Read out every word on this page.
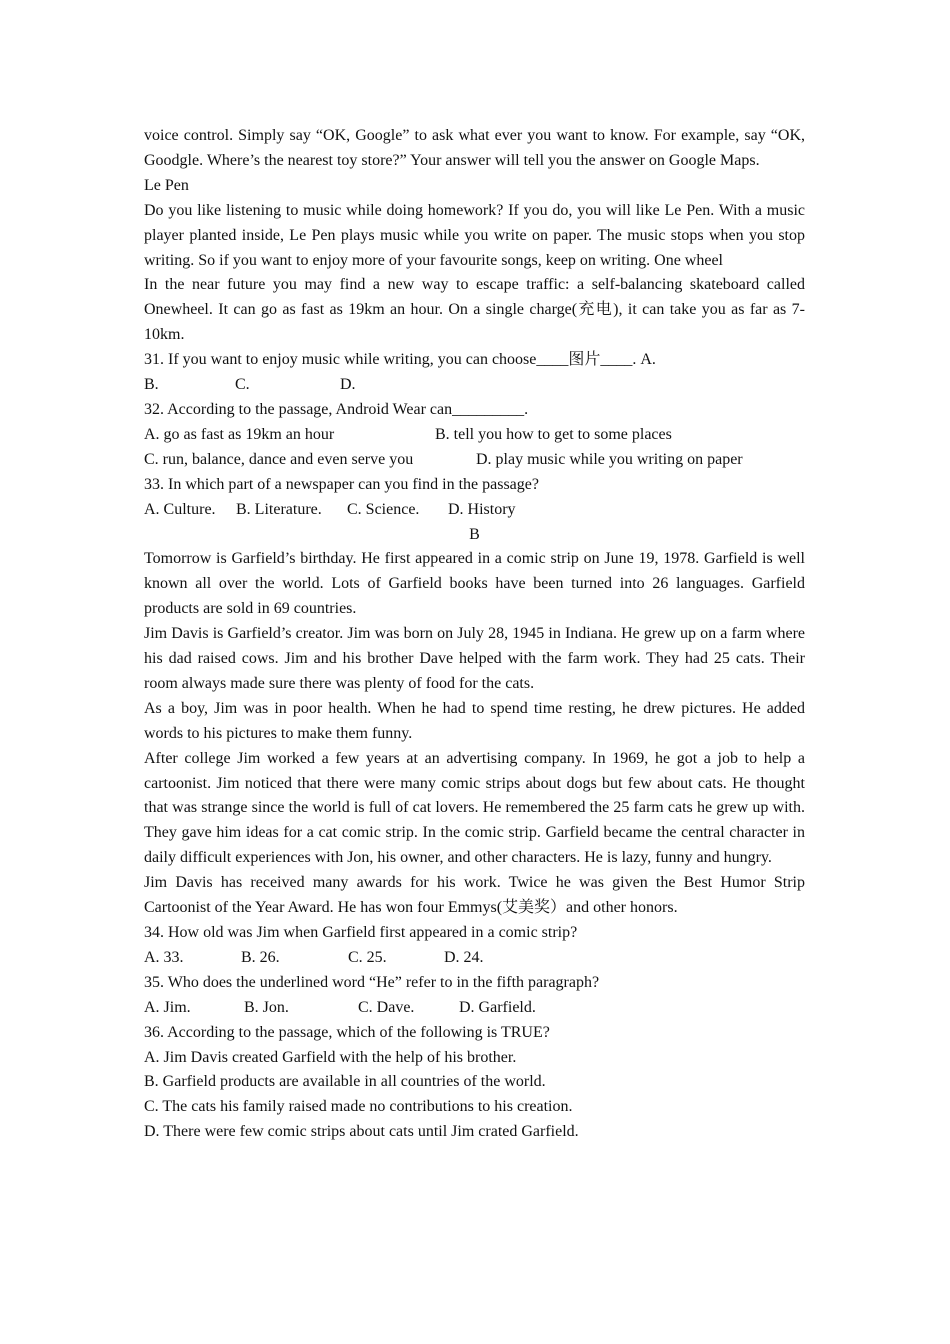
voice control. Simply say “OK, Google” to ask what ever you want to know. For example, say “OK, Goodgle. Where’s the nearest toy store?” Your answer will tell you the answer on Google Maps.
Le Pen
Do you like listening to music while doing homework? If you do, you will like Le Pen. With a music player planted inside, Le Pen plays music while you write on paper. The music stops when you stop writing. So if you want to enjoy more of your favourite songs, keep on writing. One wheel
In the near future you may find a new way to escape traffic: a self-balancing skateboard called Onewheel. It can go as fast as 19km an hour. On a single charge(充电), it can take you as far as 7-10km.
31. If you want to enjoy music while writing, you can choose____图片____. A.
B.	C.	D.
32. According to the passage, Android Wear can_________.
A. go as fast as 19km an hour	B. tell you how to get to some places
C. run, balance, dance and even serve you	D. play music while you writing on paper
33. In which part of a newspaper can you find in the passage?
A. Culture.	B. Literature.	C. Science.	D. History
B
Tomorrow is Garfield’s birthday. He first appeared in a comic strip on June 19, 1978. Garfield is well known all over the world. Lots of Garfield books have been turned into 26 languages. Garfield products are sold in 69 countries.
Jim Davis is Garfield’s creator. Jim was born on July 28, 1945 in Indiana. He grew up on a farm where his dad raised cows. Jim and his brother Dave helped with the farm work. They had 25 cats. Their room always made sure there was plenty of food for the cats.
As a boy, Jim was in poor health. When he had to spend time resting, he drew pictures. He added words to his pictures to make them funny.
After college Jim worked a few years at an advertising company. In 1969, he got a job to help a cartoonist. Jim noticed that there were many comic strips about dogs but few about cats. He thought that was strange since the world is full of cat lovers. He remembered the 25 farm cats he grew up with. They gave him ideas for a cat comic strip. In the comic strip. Garfield became the central character in daily difficult experiences with Jon, his owner, and other characters. He is lazy, funny and hungry.
Jim Davis has received many awards for his work. Twice he was given the Best Humor Strip Cartoonist of the Year Award. He has won four Emmys(艾美奖）and other honors.
34. How old was Jim when Garfield first appeared in a comic strip?
A. 33.	B. 26.	C. 25.	D. 24.
35. Who does the underlined word “He” refer to in the fifth paragraph?
A. Jim.	B. Jon.	C. Dave.	D. Garfield.
36. According to the passage, which of the following is TRUE?
A. Jim Davis created Garfield with the help of his brother.
B. Garfield products are available in all countries of the world.
C. The cats his family raised made no contributions to his creation.
D. There were few comic strips about cats until Jim crated Garfield.
